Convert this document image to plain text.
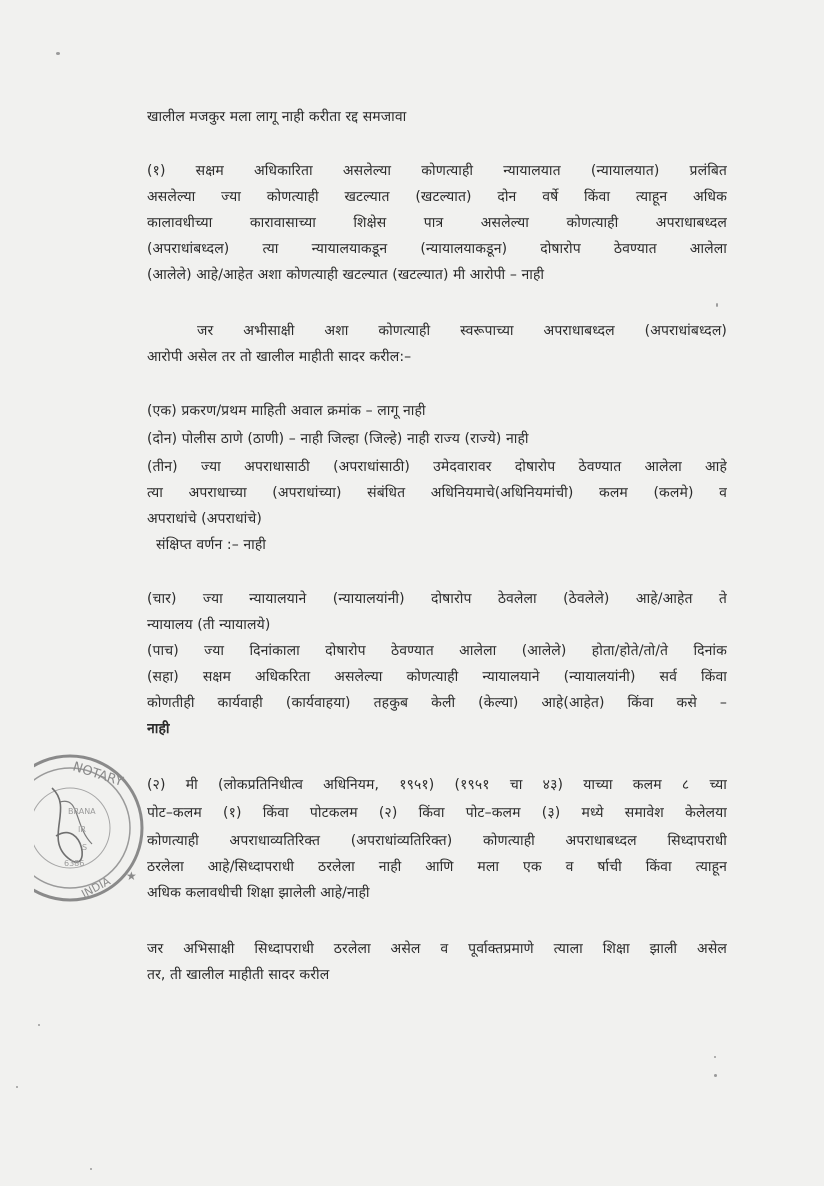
खालील मजकुर मला लागू नाही करीता रद्द समजावा
(१) सक्षम अधिकारिता असलेल्या कोणत्याही न्यायालयात (न्यायालयात) प्रलंबित
असलेल्या ज्या कोणत्याही खटल्यात (खटल्यात) दोन वर्षे किंवा त्याहून अधिक
कालावधीच्या कारावासाच्या शिक्षेस पात्र असलेल्या कोणत्याही अपराधाबध्दल
(अपराधांबध्दल) त्या न्यायालयाकडून (न्यायालयाकडून) दोषारोप ठेवण्यात आलेला
(आलेले) आहे/आहेत अशा कोणत्याही खटल्यात (खटल्यात) मी आरोपी – नाही
जर अभीसाक्षी अशा कोणत्याही स्वरूपाच्या अपराधाबध्दल (अपराधांबध्दल)
आरोपी असेल तर तो खालील माहीती सादर करील:–
(एक) प्रकरण/प्रथम माहिती अवाल क्रमांक – लागू नाही
(दोन) पोलीस ठाणे (ठाणी) – नाही जिल्हा (जिल्हे) नाही राज्य (राज्ये) नाही
(तीन) ज्या अपराधासाठी (अपराधांसाठी) उमेदवारावर दोषारोप ठेवण्यात आलेला आहे
त्या अपराधाच्या (अपराधांच्या) संबंधित अधिनियमाचे(अधिनियमांची) कलम (कलमे) व
अपराधांचे (अपराधांचे)
संक्षिप्त वर्णन :– नाही
(चार) ज्या न्यायालयाने (न्यायालयांनी) दोषारोप ठेवलेला (ठेवलेले) आहे/आहेत ते
न्यायालय (ती न्यायालये)
(पाच) ज्या दिनांकाला दोषारोप ठेवण्यात आलेला (आलेले) होता/होते/तो/ते दिनांक
(सहा) सक्षम अधिकरिता असलेल्या कोणत्याही न्यायालयाने (न्यायालयांनी) सर्व किंवा
कोणतीही कार्यवाही (कार्यवाहया) तहकुब केली (केल्या) आहे(आहेत) किंवा कसे –
नाही
(२) मी (लोकप्रतिनिधीत्व अधिनियम, १९५१) (१९५१ चा ४३) याच्या कलम ८ च्या
पोट–कलम (१) किंवा पोटकलम (२) किंवा पोट–कलम (३) मध्ये समावेश केलेलया
कोणत्याही अपराधाव्यतिरिक्त (अपराधांव्यतिरिक्त) कोणत्याही अपराधाबध्दल सिध्दापराधी
ठरलेला आहे/सिध्दापराधी ठरलेला नाही आणि मला एक व र्षाची किंवा त्याहून
अधिक कलावधीची शिक्षा झालेली आहे/नाही
जर अभिसाक्षी सिध्दापराधी ठरलेला असेल व पूर्वाक्तप्रमाणे त्याला शिक्षा झाली असेल
तर, ती खालील माहीती सादर करील
NOTARY
INDIA
BRANA
IR
S
6386
★
